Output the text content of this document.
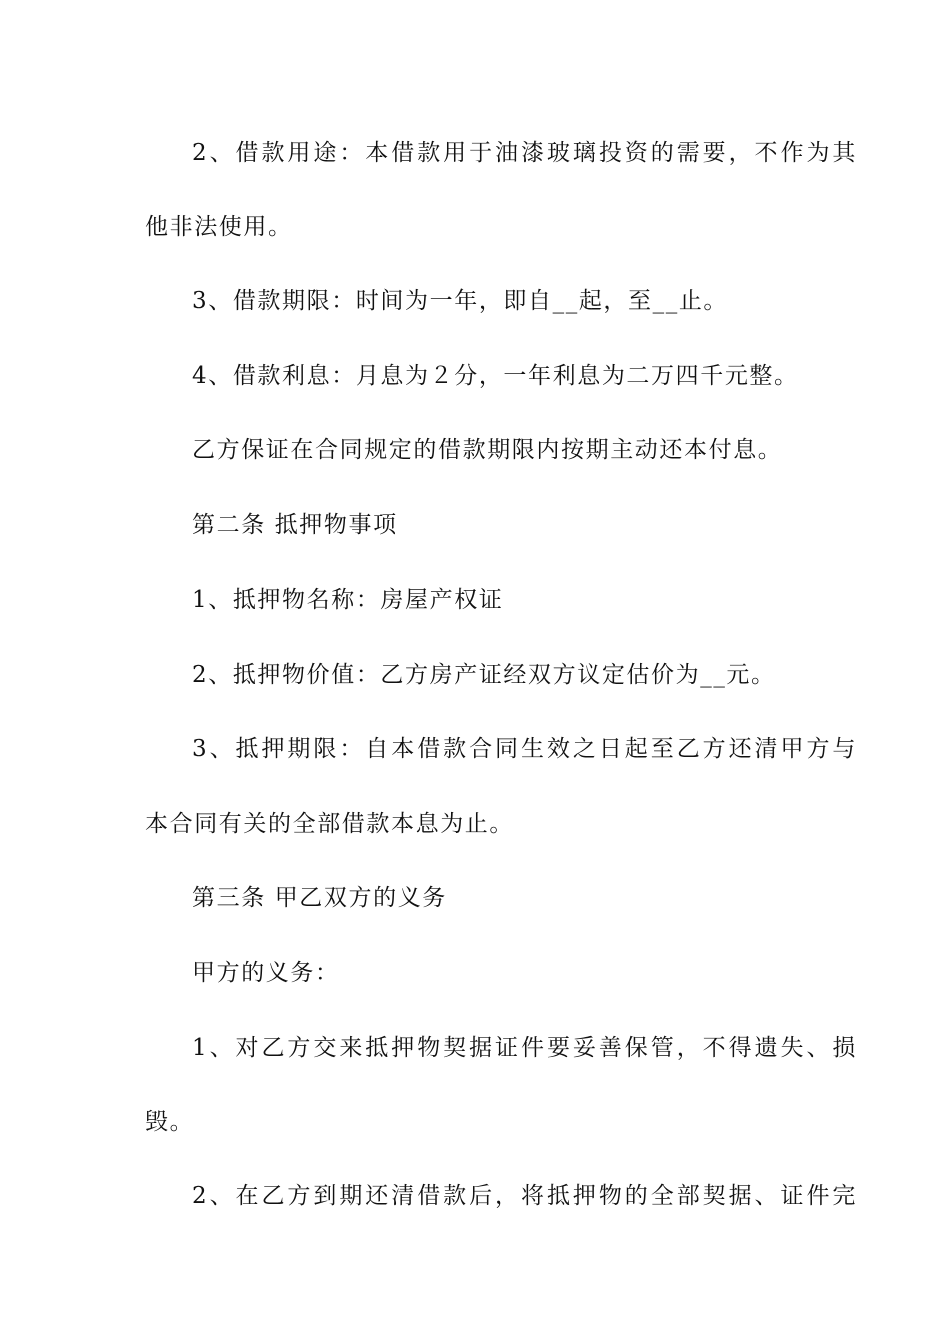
2、借款用途：本借款用于油漆玻璃投资的需要，不作为其
他非法使用。
3、借款期限：时间为一年，即自__起，至__止。
4、借款利息：月息为２分，一年利息为二万四千元整。
乙方保证在合同规定的借款期限内按期主动还本付息。
第二条 抵押物事项
1、抵押物名称：房屋产权证
2、抵押物价值：乙方房产证经双方议定估价为__元。
3、抵押期限：自本借款合同生效之日起至乙方还清甲方与
本合同有关的全部借款本息为止。
第三条 甲乙双方的义务
甲方的义务：
1、对乙方交来抵押物契据证件要妥善保管，不得遗失、损
毁。
2、在乙方到期还清借款后，将抵押物的全部契据、证件完
